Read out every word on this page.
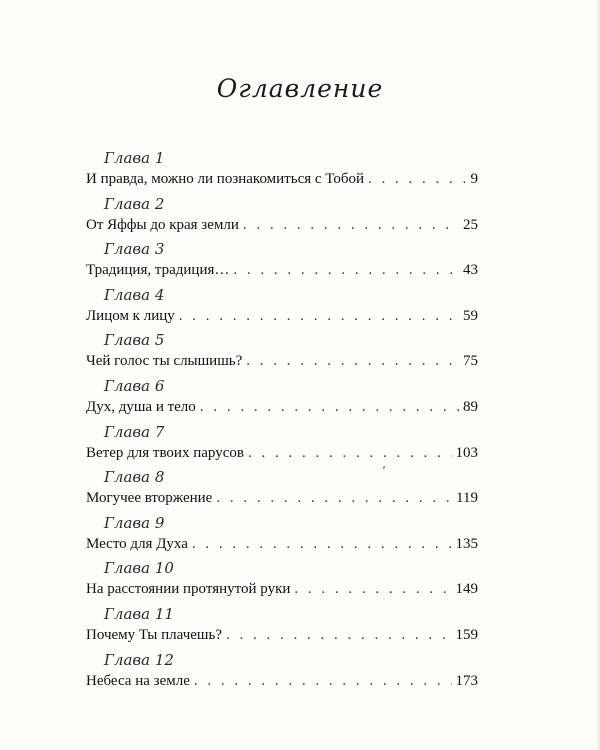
Оглавление
Глава 1
И правда, можно ли познакомиться с Тобой . . .	9
Глава 2
От Яффы до края земли . . .	25
Глава 3
Традиция, традиция… . . .	43
Глава 4
Лицом к лицу . . .	59
Глава 5
Чей голос ты слышишь? . . .	75
Глава 6
Дух, душа и тело . . .	89
Глава 7
Ветер для твоих парусов . . .	103
Глава 8
Могучее вторжение . . .	119
Глава 9
Место для Духа . . .	135
Глава 10
На расстоянии протянутой руки . . .	149
Глава 11
Почему Ты плачешь? . . .	159
Глава 12
Небеса на земле . . .	173
